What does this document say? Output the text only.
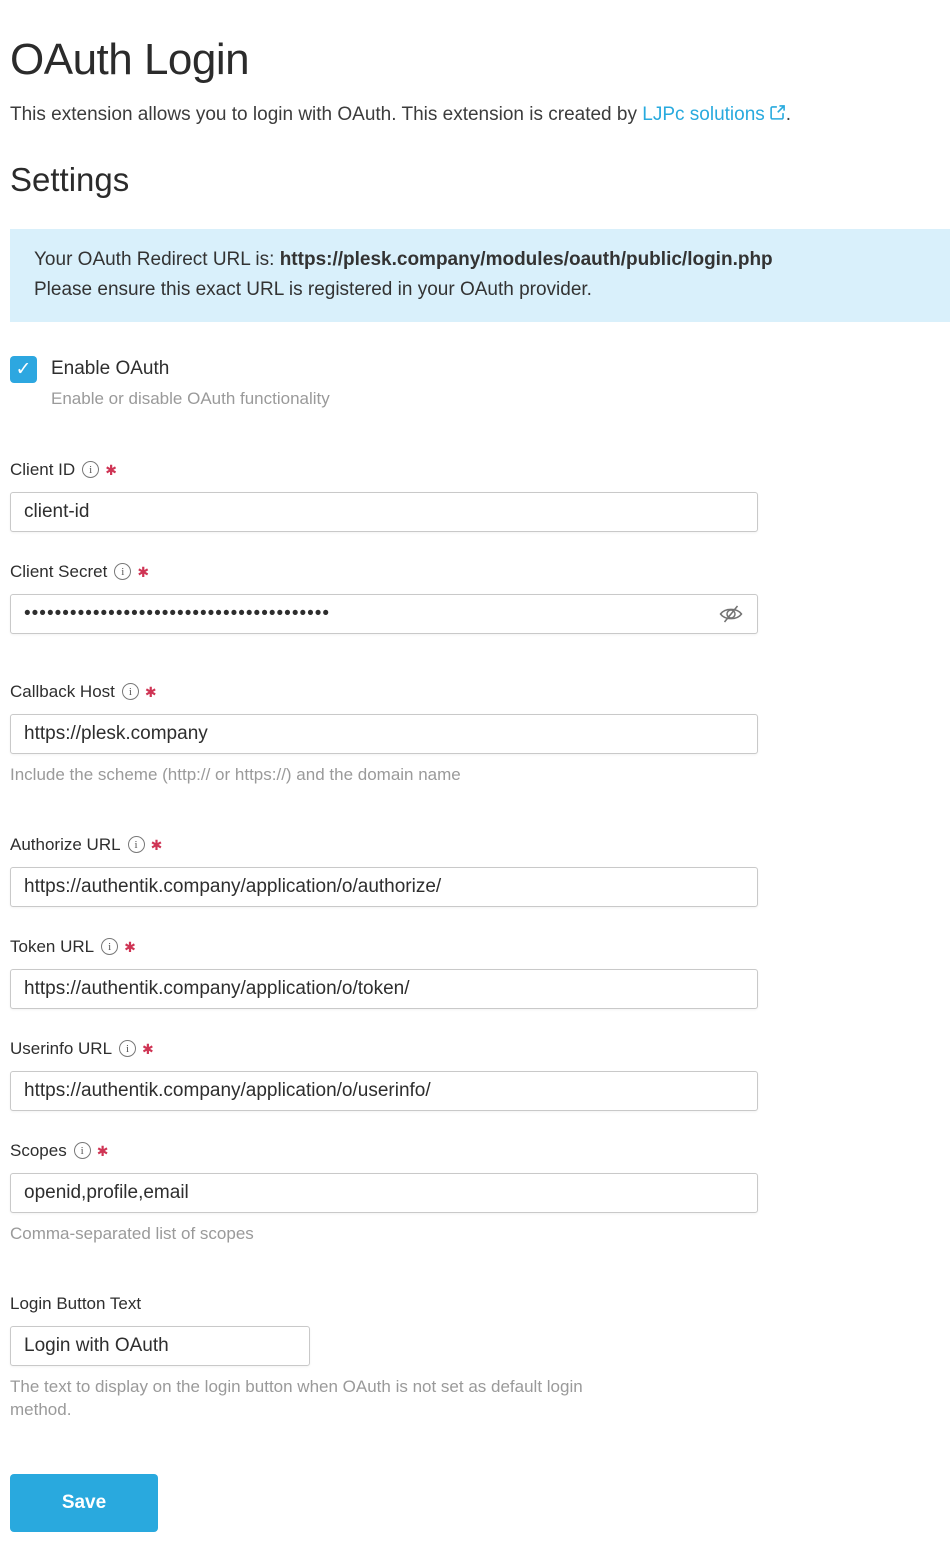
OAuth Login

This extension allows you to login with OAuth. This extension is created by LJPc solutions .

Settings
Your OAuth Redirect URL is: https://plesk.company/modules/oauth/public/login.php
Please ensure this exact URL is registered in your OAuth provider.
✓ Enable OAuth
Enable or disable OAuth functionality
Client ID	i ✱
client-id
Client Secret	i ✱
••••••••••••••••••••••••••••••••••••••••
Callback Host	i ✱
https://plesk.company
Include the scheme (http:// or https://) and the domain name
Authorize URL	i ✱
https://authentik.company/application/o/authorize/
Token URL	i ✱
https://authentik.company/application/o/token/
Userinfo URL	i ✱
https://authentik.company/application/o/userinfo/
Scopes	i ✱
openid,profile,email
Comma-separated list of scopes
Login Button Text
Login with OAuth
The text to display on the login button when OAuth is not set as default login method.
Save
